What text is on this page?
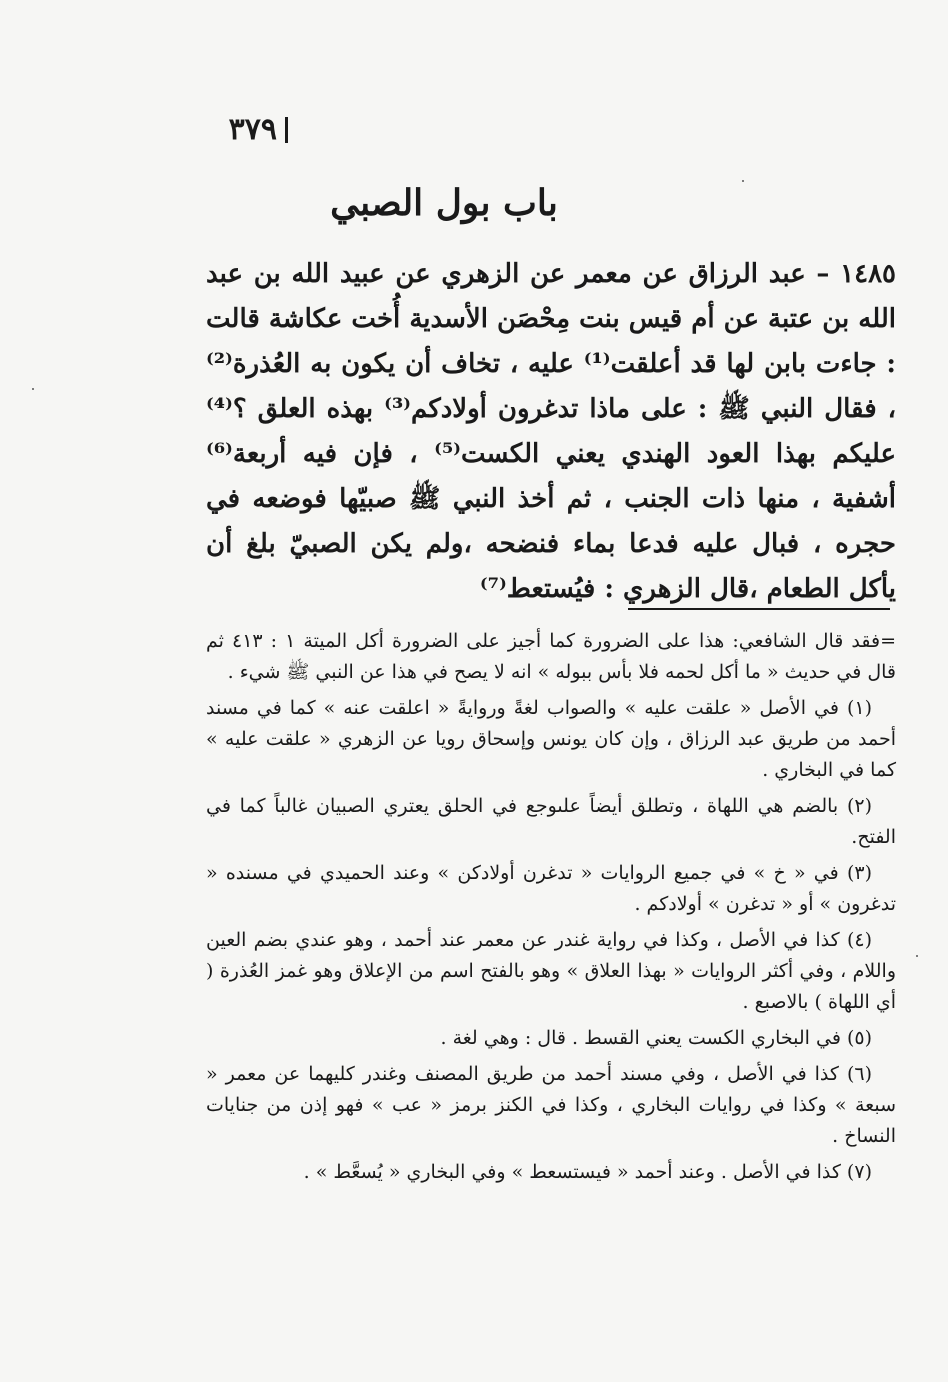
٣٧٩
باب بول الصبي

١٤٨٥ – عبد الرزاق عن معمر عن الزهري عن عبيد الله بن عبد الله بن عتبة عن أم قيس بنت مِحْصَن الأسدية أُخت عكاشة قالت : جاءت بابن لها قد أعلقت⁽¹⁾ عليه ، تخاف أن يكون به العُذرة⁽²⁾ ، فقال النبي ﷺ : على ماذا تدغرون أولادكم⁽³⁾ بهذه العلق ؟⁽⁴⁾ عليكم بهذا العود الهندي يعني الكست⁽⁵⁾ ، فإن فيه أربعة⁽⁶⁾ أشفية ، منها ذات الجنب ، ثم أخذ النبي ﷺ صبيّها فوضعه في حجره ، فبال عليه فدعا بماء فنضحه ،ولم يكن الصبيّ بلغ أن يأكل الطعام ،قال الزهري : فيُستعط⁽⁷⁾

=فقد قال الشافعي: هذا على الضرورة كما أجيز على الضرورة أكل الميتة ١ : ٤١٣ ثم قال في حديث « ما أكل لحمه فلا بأس ببوله » انه لا يصح في هذا عن النبي ﷺ شيء .

(١) في الأصل « علقت عليه » والصواب لغةً وروايةً « اعلقت عنه » كما في مسند أحمد من طريق عبد الرزاق ، وإن كان يونس وإسحاق رويا عن الزهري « علقت عليه » كما في البخاري .

(٢) بالضم هي اللهاة ، وتطلق أيضاً علىوجع في الحلق يعتري الصبيان غالباً كما في الفتح.

(٣) في « خ » في جميع الروايات « تدغرن أولادكن » وعند الحميدي في مسنده « تدغرون » أو « تدغرن » أولادكم .

(٤) كذا في الأصل ، وكذا في رواية غندر عن معمر عند أحمد ، وهو عندي بضم العين واللام ، وفي أكثر الروايات « بهذا العلاق » وهو بالفتح اسم من الإعلاق وهو غمز العُذرة ( أي اللهاة ) بالاصبع .

(٥) في البخاري الكست يعني القسط . قال : وهي لغة .

(٦) كذا في الأصل ، وفي مسند أحمد من طريق المصنف وغندر كليهما عن معمر « سبعة » وكذا في روايات البخاري ، وكذا في الكنز برمز « عب » فهو إذن من جنايات النساخ .

(٧) كذا في الأصل . وعند أحمد « فيستسعط » وفي البخاري « يُسعَّط » .
